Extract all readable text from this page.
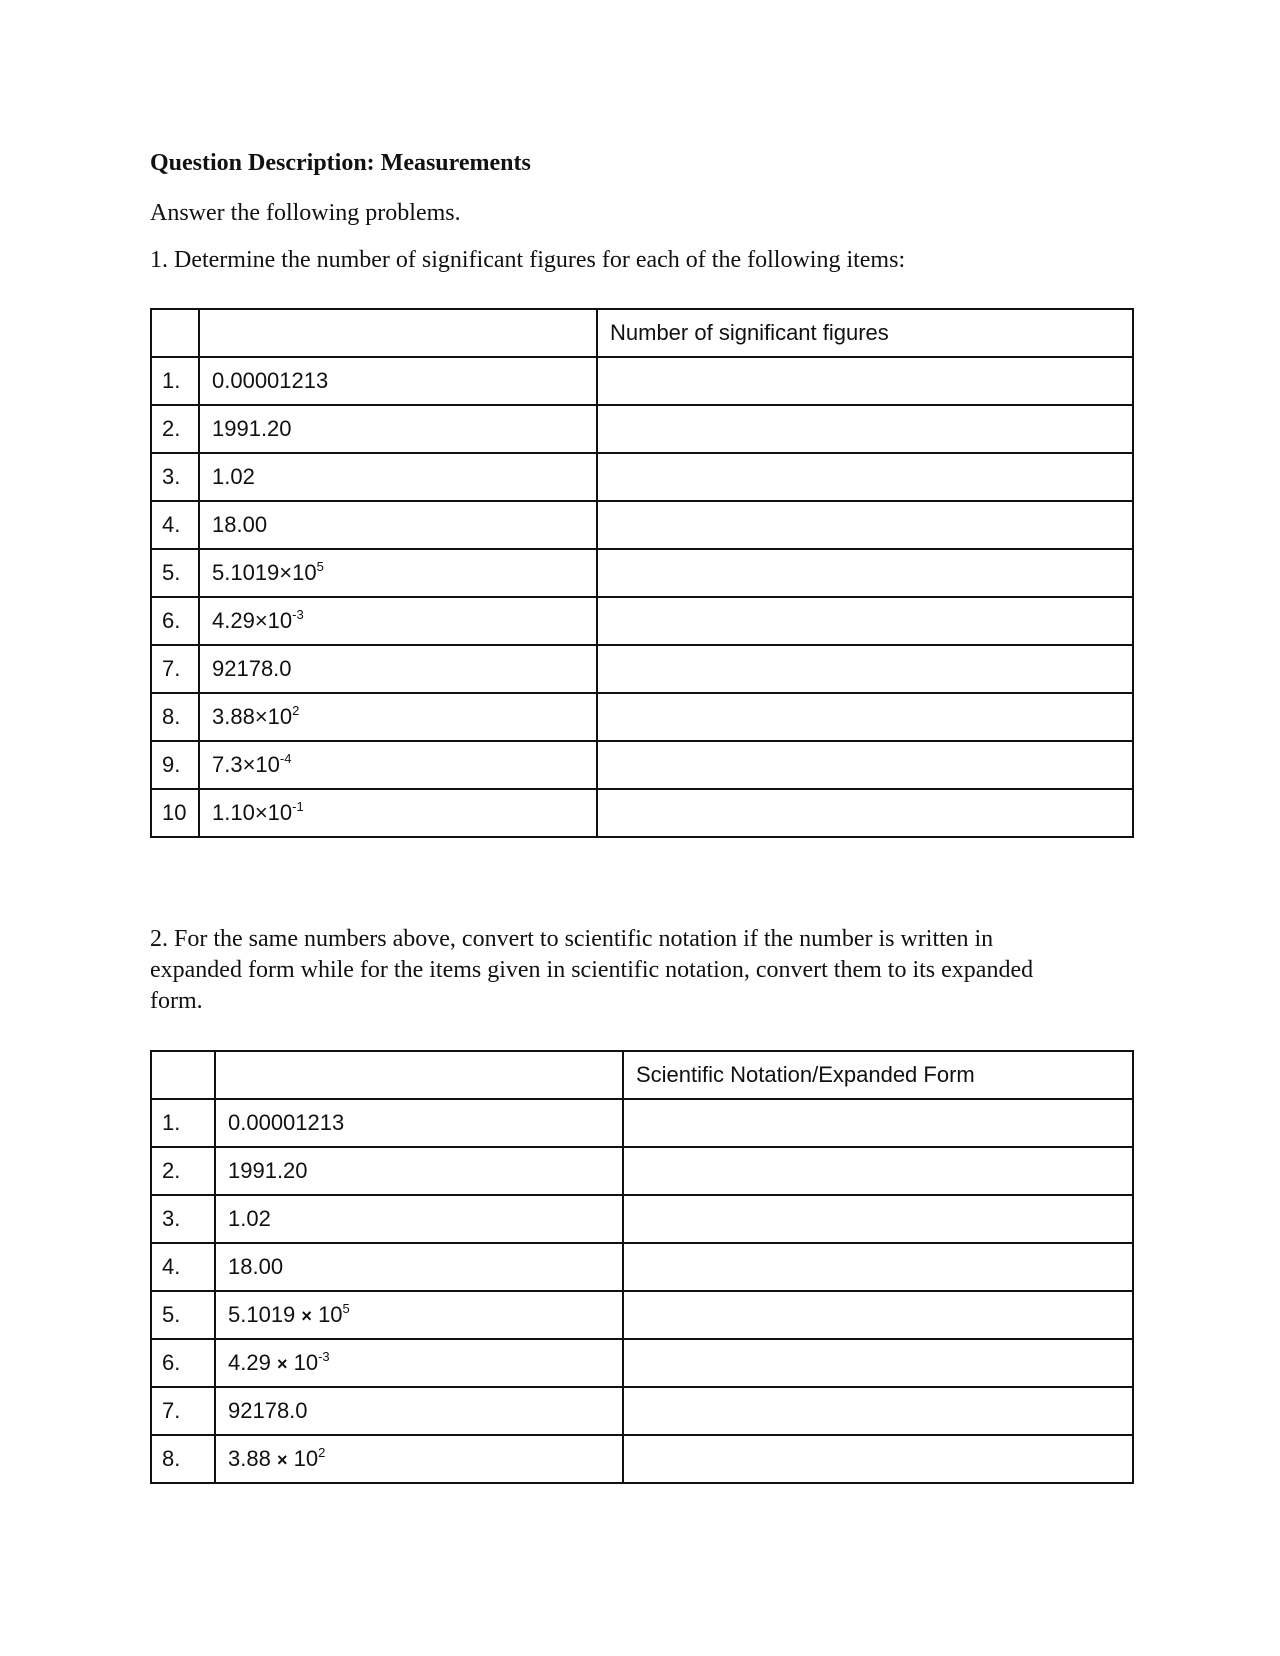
Question Description: Measurements
Answer the following problems.
1. Determine the number of significant figures for each of the following items:
		Number of significant figures
1.	0.00001213	
2.	1991.20	
3.	1.02	
4.	18.00	
5.	$5.1019\times 10^5$	
6.	$4.29\times 10^{-3}$	
7.	92178.0	
8.	$3.88\times 10^2$	
9.	$7.3\times 10^{-4}$	
10	$1.10\times 10^{-1}$	
2. For the same numbers above, convert to scientific notation if the number is written in expanded form while for the items given in scientific notation, convert them to its expanded form.
		Scientific Notation/Expanded Form
1.	0.00001213	
2.	1991.20	
3.	1.02	
4.	18.00	
5.	$5.1019 \times 10^5$	
6.	$4.29 \times 10^{-3}$	
7.	92178.0	
8.	$3.88 \times 10^2$	
